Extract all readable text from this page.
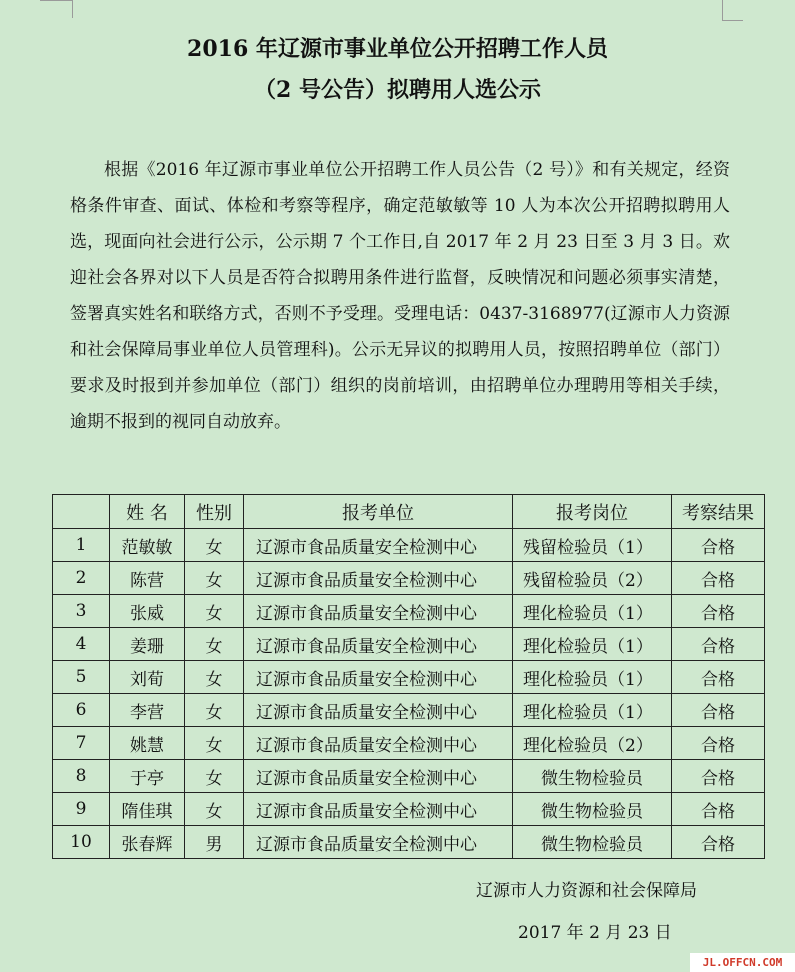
2016 年辽源市事业单位公开招聘工作人员
（2 号公告）拟聘用人选公示
根据《2016 年辽源市事业单位公开招聘工作人员公告（2 号）》和有关规定，经资格条件审查、面试、体检和考察等程序，确定范敏敏等 10 人为本次公开招聘拟聘用人选，现面向社会进行公示，公示期 7 个工作日,自 2017 年 2 月 23 日至 3 月 3 日。欢迎社会各界对以下人员是否符合拟聘用条件进行监督，反映情况和问题必须事实清楚，签署真实姓名和联络方式，否则不予受理。受理电话：0437-3168977(辽源市人力资源和社会保障局事业单位人员管理科)。公示无异议的拟聘用人员，按照招聘单位（部门）要求及时报到并参加单位（部门）组织的岗前培训，由招聘单位办理聘用等相关手续，逾期不报到的视同自动放弃。
	姓 名	性别	报考单位	报考岗位	考察结果
1	范敏敏	女	辽源市食品质量安全检测中心	残留检验员（1）	合格
2	陈营	女	辽源市食品质量安全检测中心	残留检验员（2）	合格
3	张威	女	辽源市食品质量安全检测中心	理化检验员（1）	合格
4	姜珊	女	辽源市食品质量安全检测中心	理化检验员（1）	合格
5	刘荀	女	辽源市食品质量安全检测中心	理化检验员（1）	合格
6	李营	女	辽源市食品质量安全检测中心	理化检验员（1）	合格
7	姚慧	女	辽源市食品质量安全检测中心	理化检验员（2）	合格
8	于亭	女	辽源市食品质量安全检测中心	微生物检验员	合格
9	隋佳琪	女	辽源市食品质量安全检测中心	微生物检验员	合格
10	张春辉	男	辽源市食品质量安全检测中心	微生物检验员	合格
辽源市人力资源和社会保障局
2017 年 2 月 23 日
JL.OFFCN.COM
